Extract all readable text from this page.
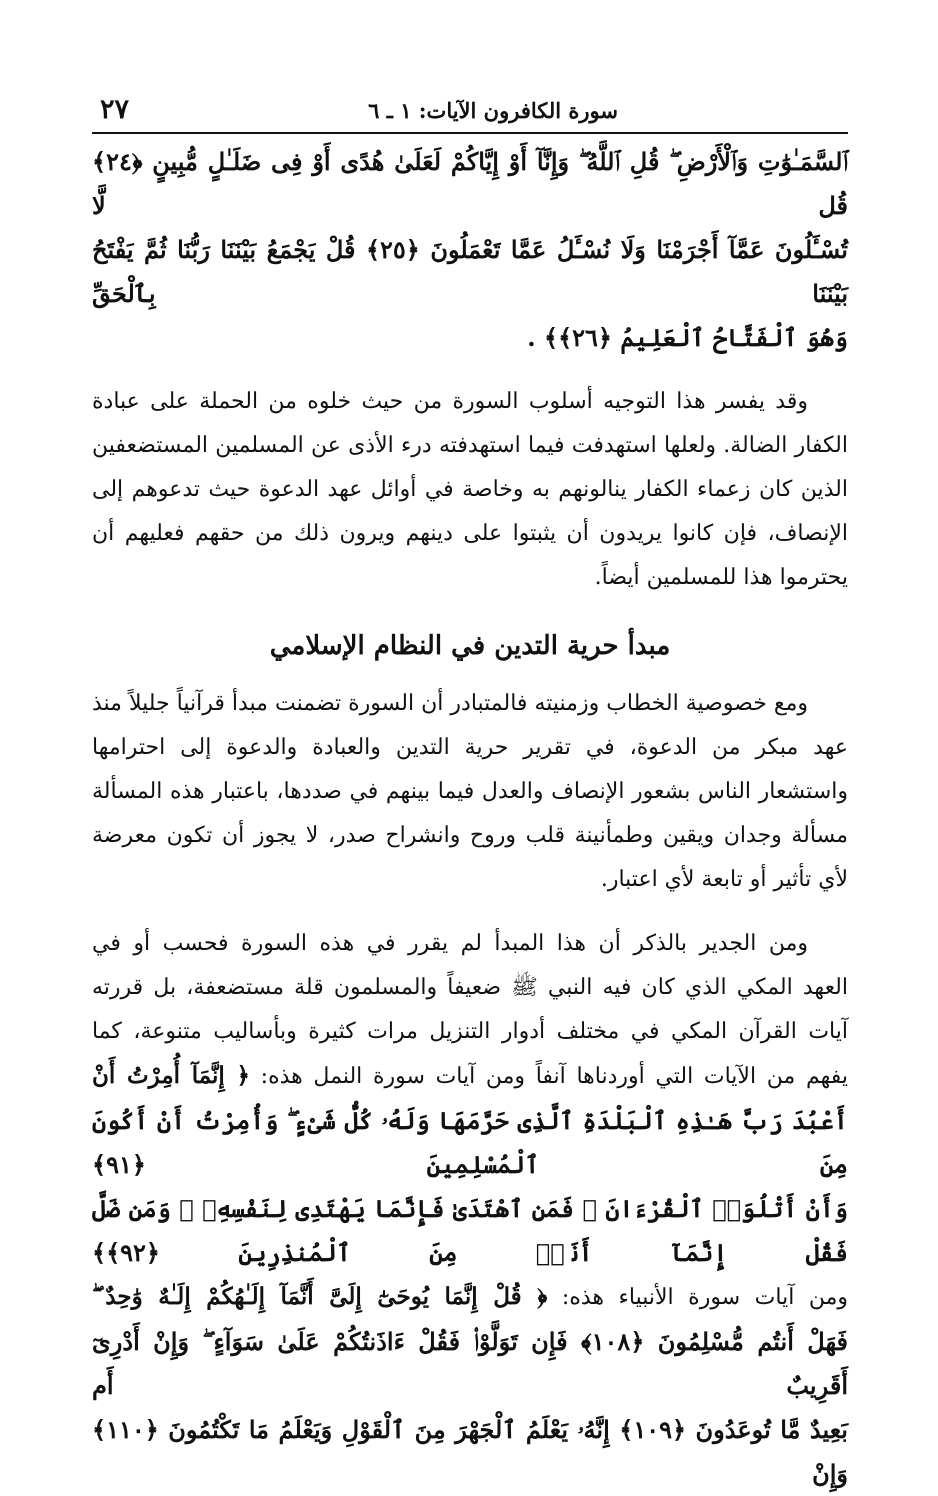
سورة الكافرون الآيات: ١ ـ ٦
٢٧
ٱلسَّمَـٰوَٰتِ وَٱلْأَرْضِ ۖ قُلِ ٱللَّهُ ۖ وَإِنَّآ أَوْ إِيَّاكُمْ لَعَلَىٰ هُدًى أَوْ فِى ضَلَـٰلٍ مُّبِينٍ ﴿٢٤﴾ قُل لَّا
تُسْـَٔلُونَ عَمَّآ أَجْرَمْنَا وَلَا نُسْـَٔلُ عَمَّا تَعْمَلُونَ ﴿٢٥﴾ قُلْ يَجْمَعُ بَيْنَنَا رَبُّنَا ثُمَّ يَفْتَحُ بَيْنَنَا بِٱلْحَقِّ
وَهُوَ ٱلْفَتَّاحُ ٱلْعَلِيمُ ﴿٢٦﴾﴾ .

وقد يفسر هذا التوجيه أسلوب السورة من حيث خلوه من الحملة على عبادة الكفار الضالة. ولعلها استهدفت فيما استهدفته درء الأذى عن المسلمين المستضعفين الذين كان زعماء الكفار ينالونهم به وخاصة في أوائل عهد الدعوة حيث تدعوهم إلى الإنصاف، فإن كانوا يريدون أن يثبتوا على دينهم ويرون ذلك من حقهم فعليهم أن يحترموا هذا للمسلمين أيضاً.

مبدأ حرية التدين في النظام الإسلامي

ومع خصوصية الخطاب وزمنيته فالمتبادر أن السورة تضمنت مبدأ قرآنياً جليلاً منذ عهد مبكر من الدعوة، في تقرير حرية التدين والعبادة والدعوة إلى احترامها واستشعار الناس بشعور الإنصاف والعدل فيما بينهم في صددها، باعتبار هذه المسألة مسألة وجدان ويقين وطمأنينة قلب وروح وانشراح صدر، لا يجوز أن تكون معرضة لأي تأثير أو تابعة لأي اعتبار.

ومن الجدير بالذكر أن هذا المبدأ لم يقرر في هذه السورة فحسب أو في
العهد المكي الذي كان فيه النبي ﷺ ضعيفاً والمسلمون قلة مستضعفة، بل قررته
آيات القرآن المكي في مختلف أدوار التنزيل مرات كثيرة وبأساليب متنوعة، كما
يفهم من الآيات التي أوردناها آنفاً ومن آيات سورة النمل هذه: ﴿ إِنَّمَآ أُمِرْتُ أَنْ
أَعْبُدَ رَبَّ هَـٰذِهِ ٱلْبَلْدَةِ ٱلَّذِى حَرَّمَهَا وَلَهُۥ كُلُّ شَىْءٍ ۖ وَأُمِرْتُ أَنْ أَكُونَ مِنَ ٱلْمُسْلِمِينَ ﴿٩١﴾
وَأَنْ أَتْلُوَا۟ ٱلْقُرْءَانَ ۖ فَمَنِ ٱهْتَدَىٰ فَإِنَّمَا يَهْتَدِى لِنَفْسِهِۦ ۖ وَمَن ضَلَّ فَقُلْ إِنَّمَآ أَنَا۠ مِنَ ٱلْمُنذِرِينَ ﴿٩٢﴾﴾
ومن آيات سورة الأنبياء هذه: ﴿ قُلْ إِنَّمَا يُوحَىٰٓ إِلَىَّ أَنَّمَآ إِلَـٰهُكُمْ إِلَـٰهٌ وَٰحِدٌ ۖ
فَهَلْ أَنتُم مُّسْلِمُونَ ﴿١٠٨﴾ فَإِن تَوَلَّوْا۟ فَقُلْ ءَاذَنتُكُمْ عَلَىٰ سَوَآءٍ ۖ وَإِنْ أَدْرِىٓ أَقَرِيبٌ أَم
بَعِيدٌ مَّا تُوعَدُونَ ﴿١٠٩﴾ إِنَّهُۥ يَعْلَمُ ٱلْجَهْرَ مِنَ ٱلْقَوْلِ وَيَعْلَمُ مَا تَكْتُمُونَ ﴿١١٠﴾ وَإِنْ
